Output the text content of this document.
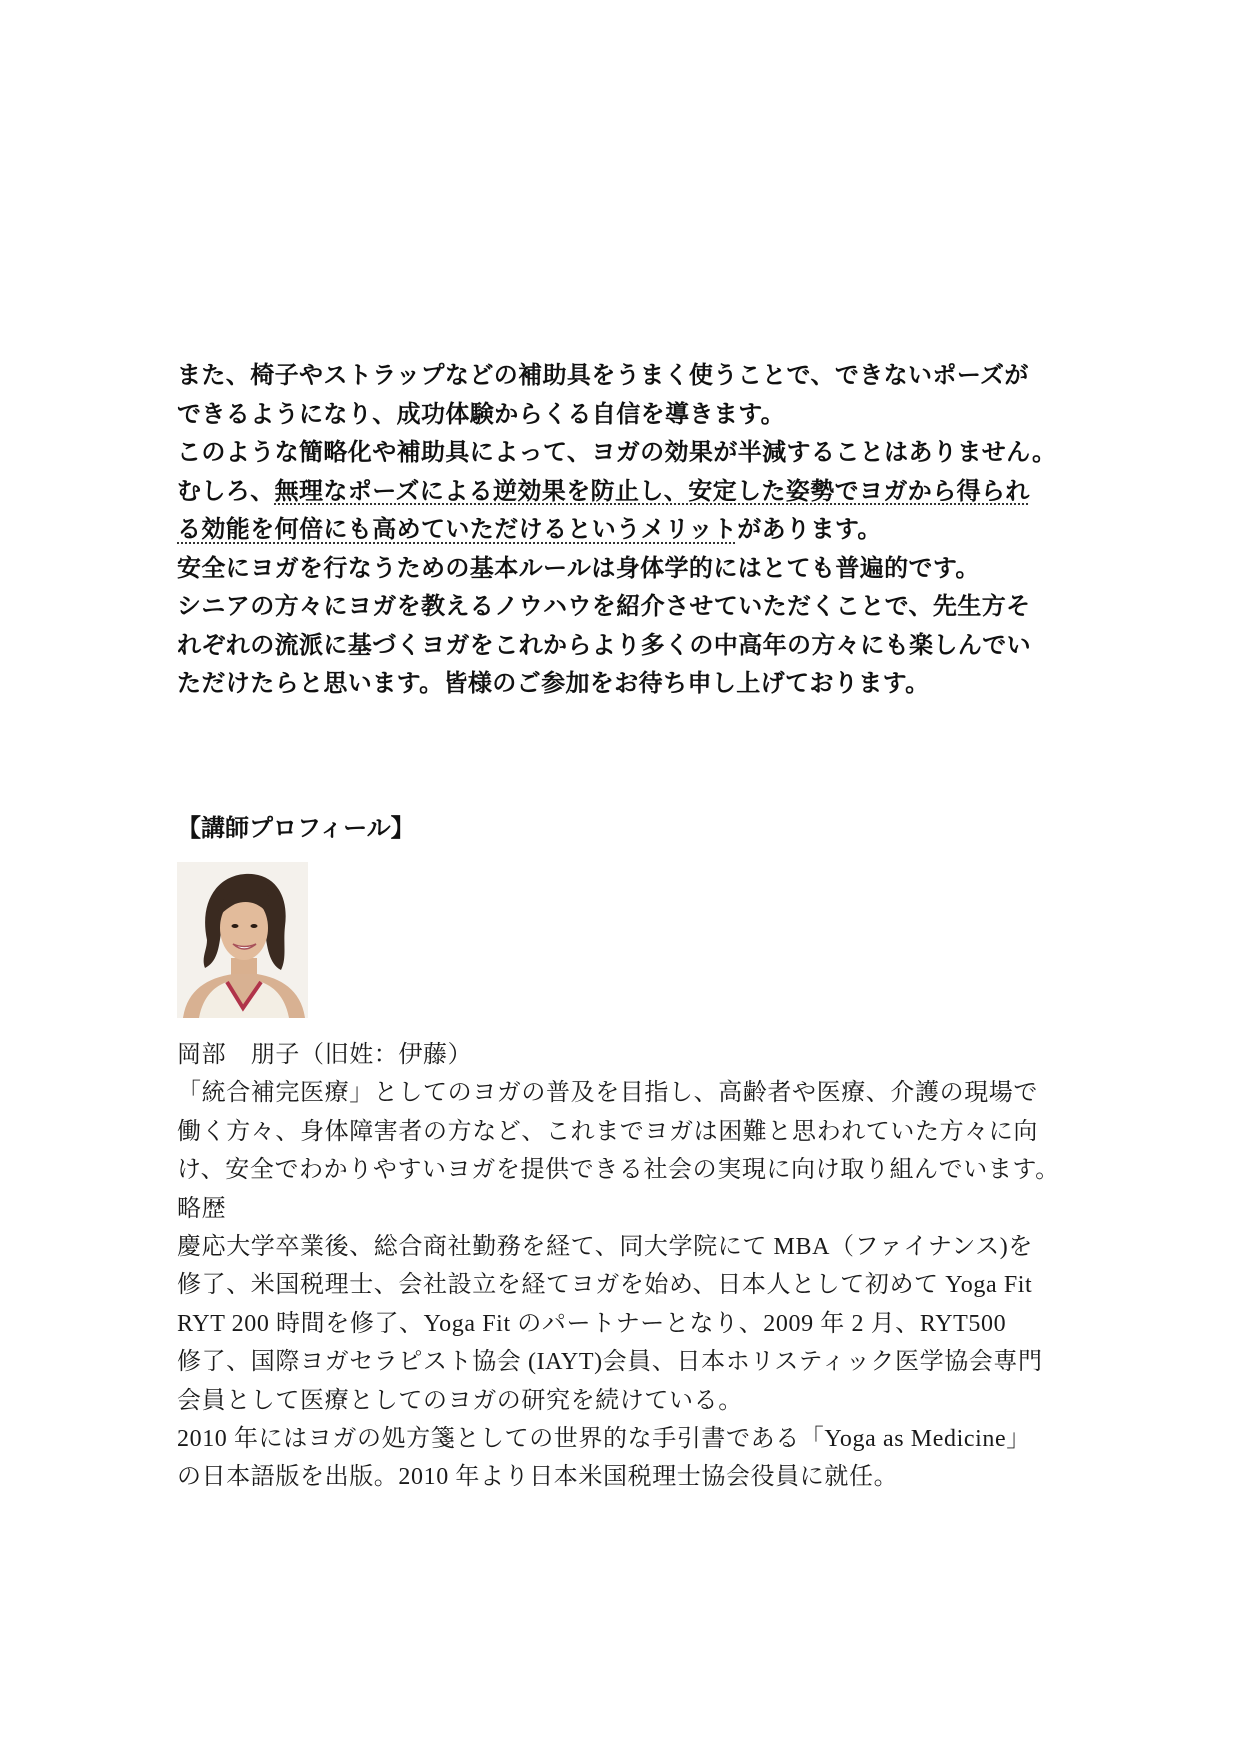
また、椅子やストラップなどの補助具をうまく使うことで、できないポーズが
できるようになり、成功体験からくる自信を導きます。
このような簡略化や補助具によって、ヨガの効果が半減することはありません。
むしろ、無理なポーズによる逆効果を防止し、安定した姿勢でヨガから得られ
る効能を何倍にも高めていただけるというメリットがあります。
安全にヨガを行なうための基本ルールは身体学的にはとても普遍的です。
シニアの方々にヨガを教えるノウハウを紹介させていただくことで、先生方そ
れぞれの流派に基づくヨガをこれからより多くの中高年の方々にも楽しんでい
ただけたらと思います。皆様のご参加をお待ち申し上げております。
【講師プロフィール】
岡部　朋子（旧姓：伊藤）
「統合補完医療」としてのヨガの普及を目指し、高齢者や医療、介護の現場で
働く方々、身体障害者の方など、これまでヨガは困難と思われていた方々に向
け、安全でわかりやすいヨガを提供できる社会の実現に向け取り組んでいます。
略歴
慶応大学卒業後、総合商社勤務を経て、同大学院にて MBA（ファイナンス)を
修了、米国税理士、会社設立を経てヨガを始め、日本人として初めて Yoga Fit
RYT 200 時間を修了、Yoga Fit のパートナーとなり、2009 年 2 月、RYT500
修了、国際ヨガセラピスト協会 (IAYT)会員、日本ホリスティック医学協会専門
会員として医療としてのヨガの研究を続けている。
2010 年にはヨガの処方箋としての世界的な手引書である「Yoga as Medicine」
の日本語版を出版。2010 年より日本米国税理士協会役員に就任。
